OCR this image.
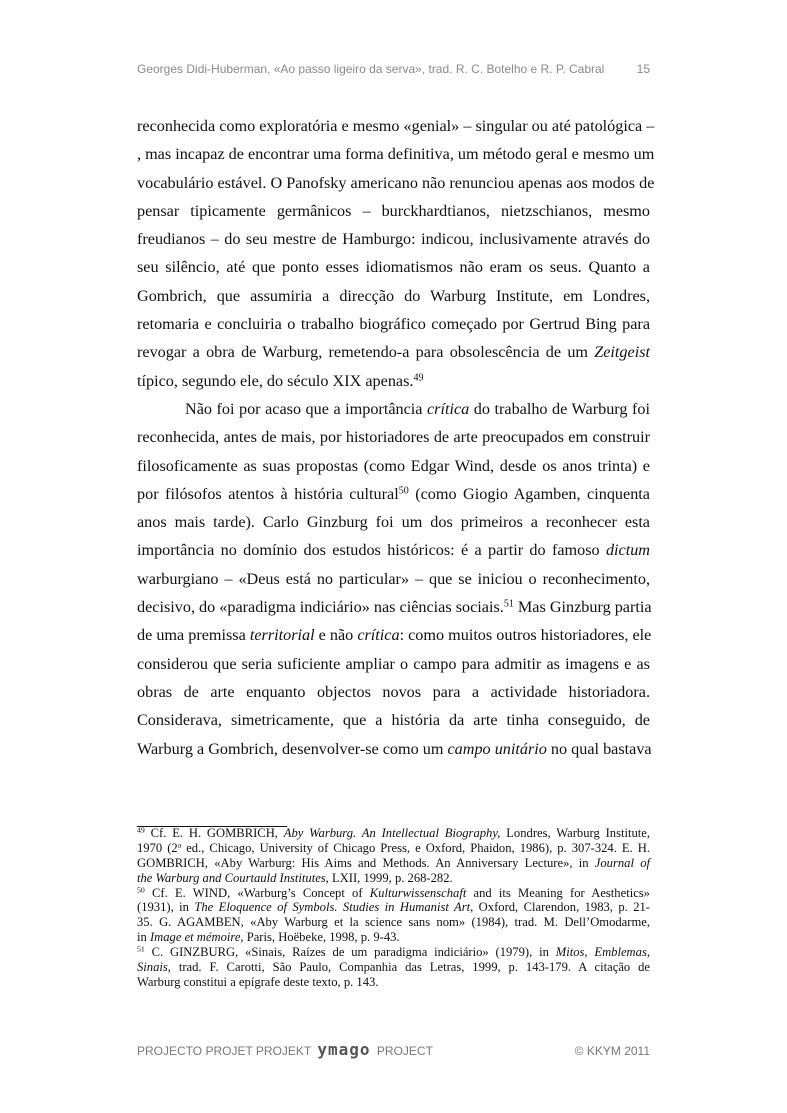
Georges Didi-Huberman, «Ao passo ligeiro da serva», trad. R. C. Botelho e R. P. Cabral	15
reconhecida como exploratória e mesmo «genial» – singular ou até patológica –
, mas incapaz de encontrar uma forma definitiva, um método geral e mesmo um
vocabulário estável. O Panofsky americano não renunciou apenas aos modos de
pensar tipicamente germânicos – burckhardtianos, nietzschianos, mesmo
freudianos – do seu mestre de Hamburgo: indicou, inclusivamente através do
seu silêncio, até que ponto esses idiomatismos não eram os seus. Quanto a
Gombrich, que assumiria a direcção do Warburg Institute, em Londres,
retomaria e concluiria o trabalho biográfico começado por Gertrud Bing para
revogar a obra de Warburg, remetendo-a para obsolescência de um Zeitgeist
típico, segundo ele, do século XIX apenas.$^{49}$
Não foi por acaso que a importância crítica do trabalho de Warburg foi
reconhecida, antes de mais, por historiadores de arte preocupados em construir
filosoficamente as suas propostas (como Edgar Wind, desde os anos trinta) e
por filósofos atentos à história cultural$^{50}$ (como Giogio Agamben, cinquenta
anos mais tarde). Carlo Ginzburg foi um dos primeiros a reconhecer esta
importância no domínio dos estudos históricos: é a partir do famoso dictum
warburgiano – «Deus está no particular» – que se iniciou o reconhecimento,
decisivo, do «paradigma indiciário» nas ciências sociais.$^{51}$ Mas Ginzburg partia
de uma premissa territorial e não crítica: como muitos outros historiadores, ele
considerou que seria suficiente ampliar o campo para admitir as imagens e as
obras de arte enquanto objectos novos para a actividade historiadora.
Considerava, simetricamente, que a história da arte tinha conseguido, de
Warburg a Gombrich, desenvolver-se como um campo unitário no qual bastava
$^{49}$ Cf. E. H. GOMBRICH, Aby Warburg. An Intellectual Biography, Londres, Warburg Institute,
1970 (2$^a$ ed., Chicago, University of Chicago Press, e Oxford, Phaidon, 1986), p. 307-324. E. H.
GOMBRICH, «Aby Warburg: His Aims and Methods. An Anniversary Lecture», in Journal of
the Warburg and Courtauld Institutes, LXII, 1999, p. 268-282.
$^{50}$ Cf. E. WIND, «Warburg’s Concept of Kulturwissenschaft and its Meaning for Aesthetics»
(1931), in The Eloquence of Symbols. Studies in Humanist Art, Oxford, Clarendon, 1983, p. 21-
35. G. AGAMBEN, «Aby Warburg et la science sans nom» (1984), trad. M. Dell’Omodarme,
in Image et mémoire, Paris, Hoëbeke, 1998, p. 9-43.
$^{51}$ C. GINZBURG, «Sinais, Raízes de um paradigma indiciário» (1979), in Mitos, Emblemas,
Sinais, trad. F. Carotti, São Paulo, Companhia das Letras, 1999, p. 143-179. A citação de
Warburg constitui a epígrafe deste texto, p. 143.
PROJECTO PROJET PROJEKT ymago PROJECT	© KKYM 2011
